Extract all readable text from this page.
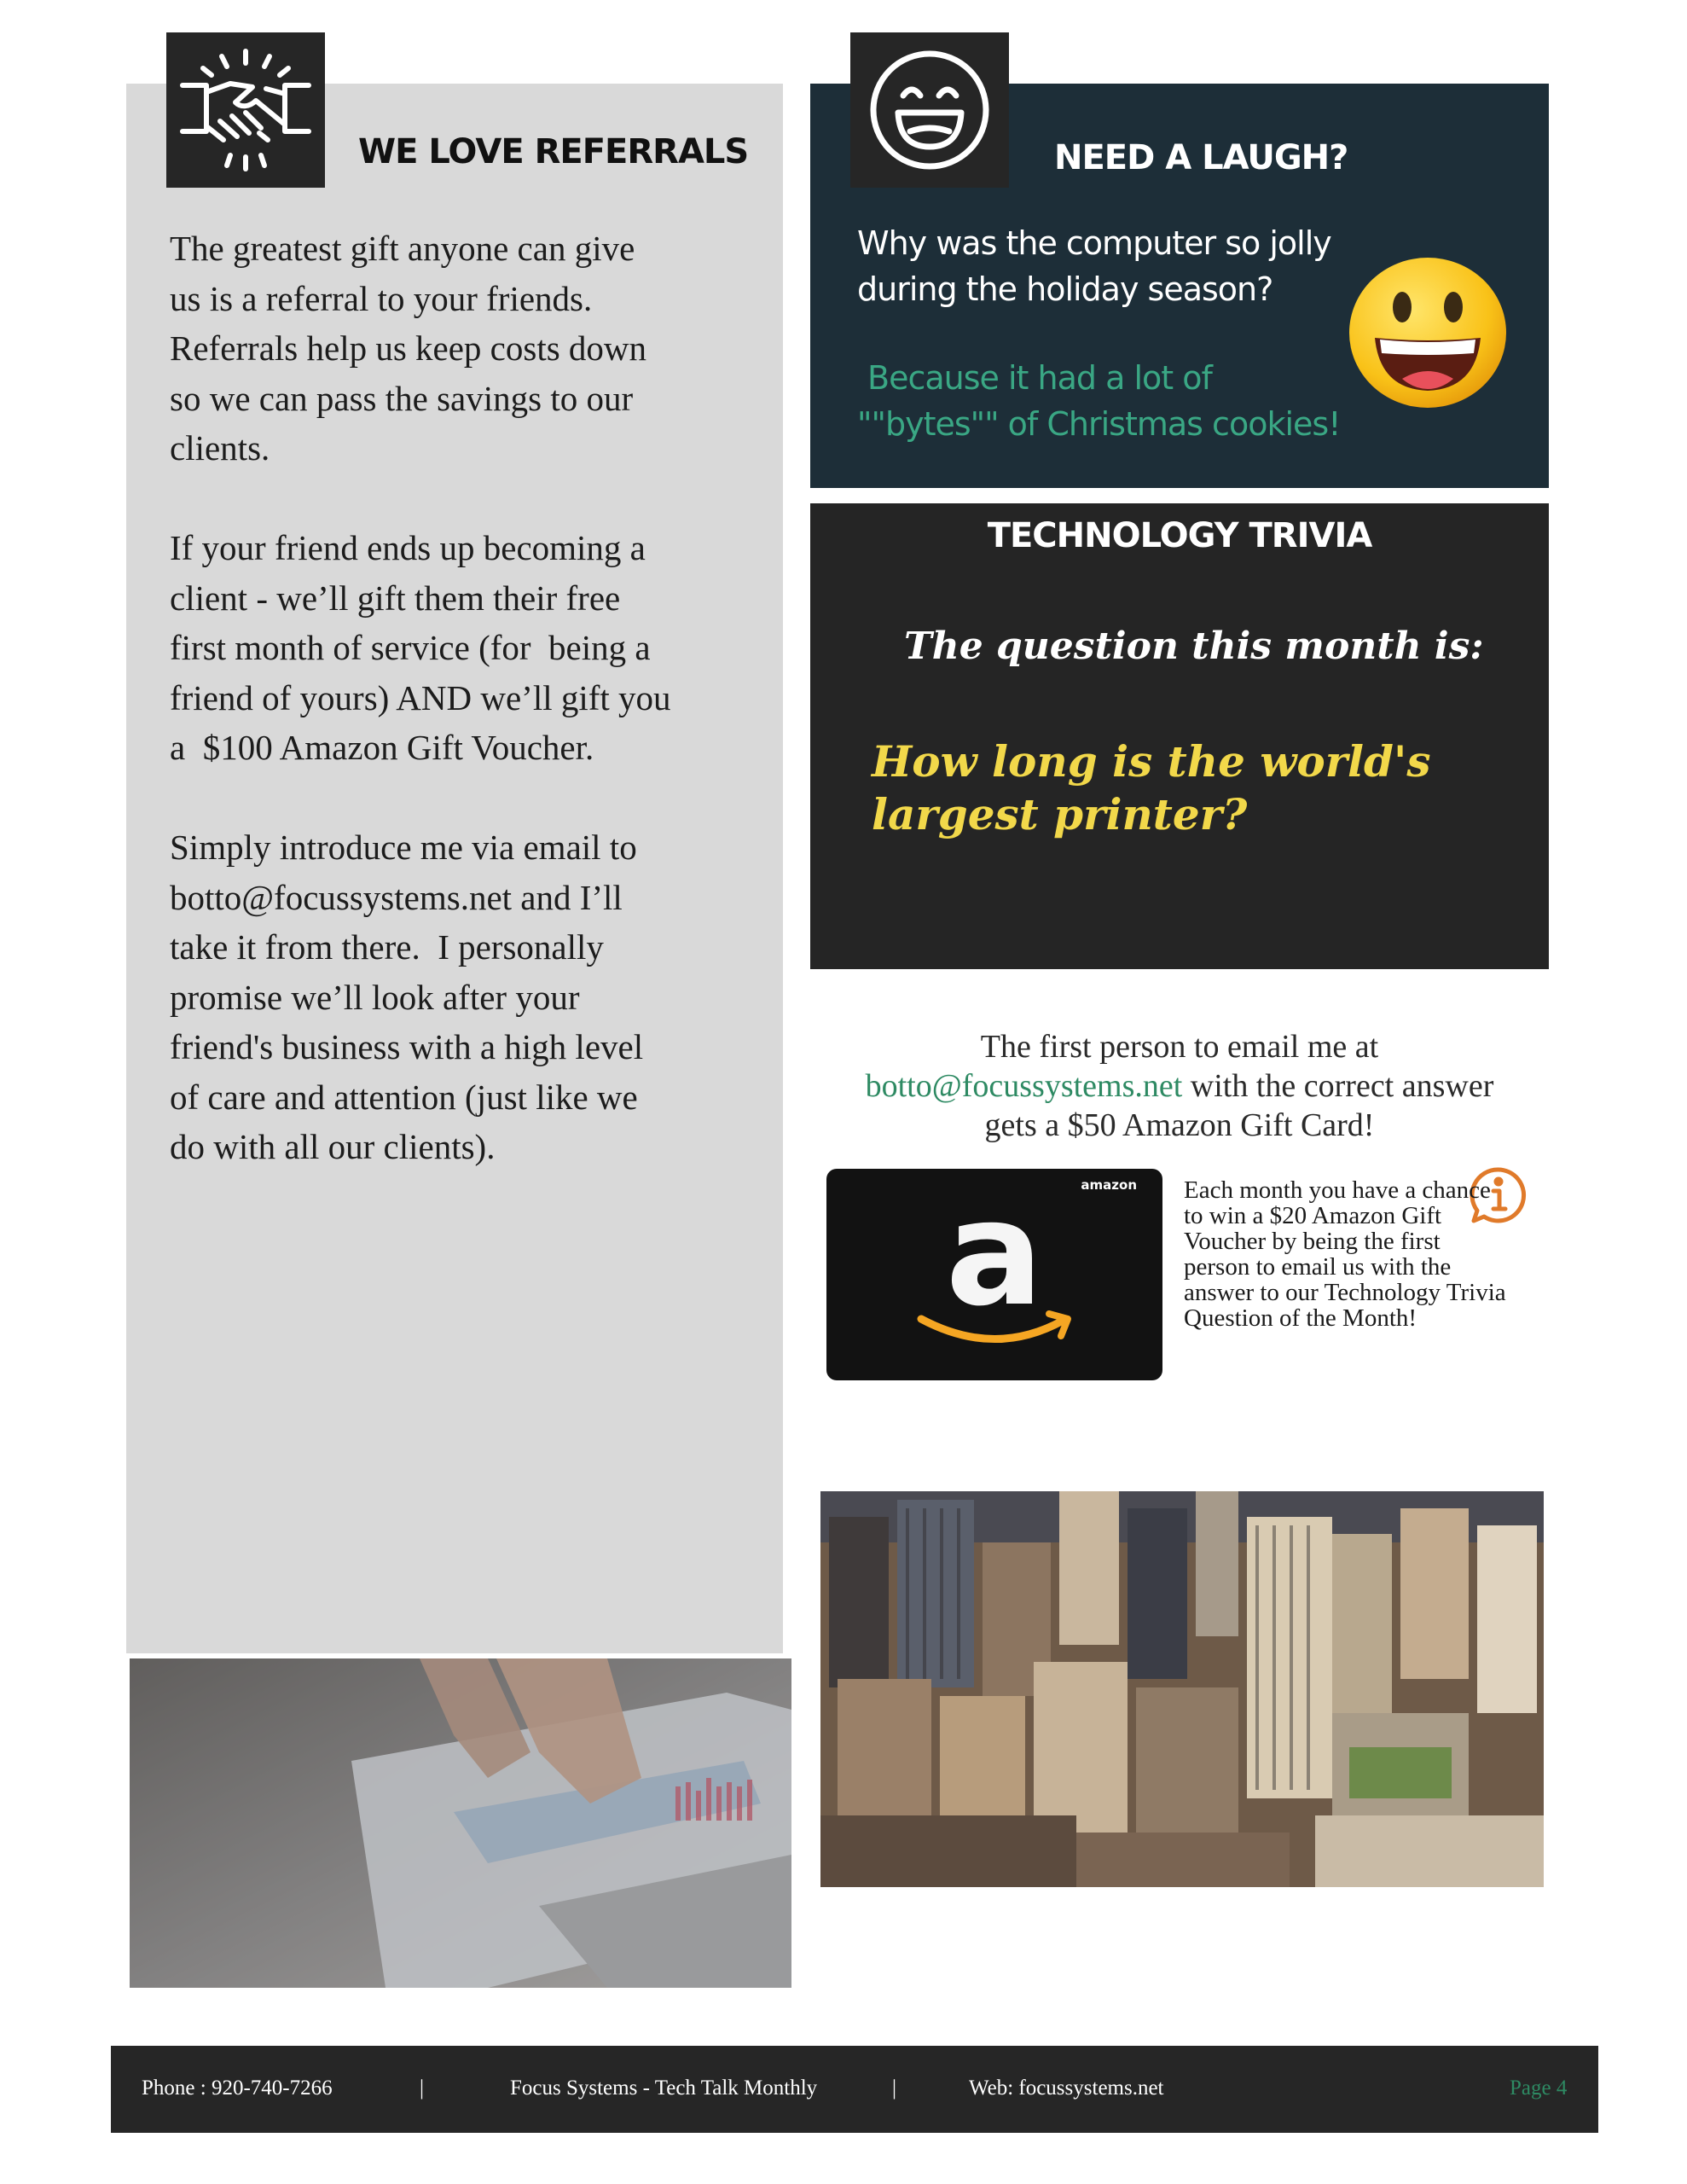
WE LOVE REFERRALS
The greatest gift anyone can give
us is a referral to your friends.
Referrals help us keep costs down
so we can pass the savings to our
clients.

If your friend ends up becoming a
client - we’ll gift them their free
first month of service (for  being a
friend of yours) AND we’ll gift you
a  $100 Amazon Gift Voucher.

Simply introduce me via email to
botto@focussystems.net and I’ll
take it from there.  I personally
promise we’ll look after your
friend's business with a high level
of care and attention (just like we
do with all our clients).
NEED A LAUGH?
Why was the computer so jolly during the holiday season?
Because it had a lot of
""bytes"" of Christmas cookies!
TECHNOLOGY TRIVIA
The question this month is:
How long is the world's largest printer?
The first person to email me at
botto@focussystems.net with the correct answer
gets a $50 Amazon Gift Card!
amazon
a	Each month you have a chance to win a $20 Amazon Gift Voucher by being the first person to email us with the answer to our Technology Trivia Question of the Month!
Phone : 920-740-7266	|	Focus Systems - Tech Talk Monthly	|	Web: focussystems.net	Page 4
